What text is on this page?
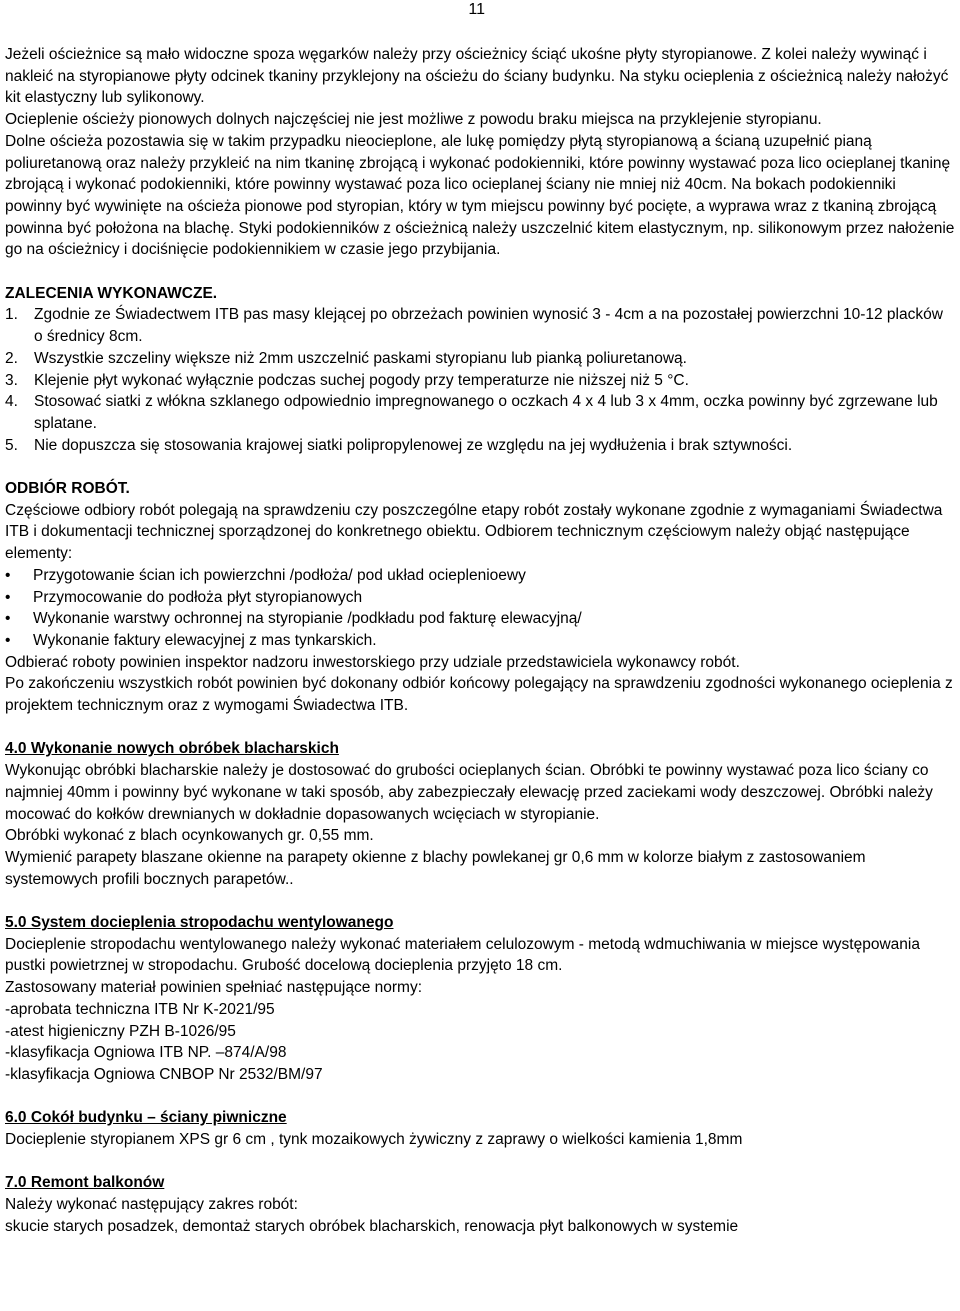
11

Jeżeli ościeżnice są mało widoczne spoza węgarków należy przy ościeżnicy ściąć ukośne płyty styropianowe. Z kolei należy wywinąć i nakleić na styropianowe płyty odcinek tkaniny przyklejony na ościeżu do ściany budynku. Na styku ocieplenia z ościeżnicą należy nałożyć kit elastyczny lub sylikonowy.

Ocieplenie ościeży pionowych dolnych najczęściej nie jest możliwe z powodu braku miejsca na przyklejenie styropianu.

Dolne ościeża pozostawia się w takim przypadku nieocieplone, ale lukę pomiędzy płytą styropianową a ścianą uzupełnić pianą poliuretanową oraz należy przykleić na nim tkaninę zbrojącą i wykonać podokienniki, które powinny wystawać poza lico ocieplanej tkaninę zbrojącą i wykonać podokienniki, które powinny wystawać poza lico ocieplanej ściany nie mniej niż 40cm. Na bokach podokienniki powinny być wywinięte na ościeża pionowe pod styropian, który w tym miejscu powinny być pocięte, a wyprawa wraz z tkaniną zbrojącą powinna być położona na blachę. Styki podokienników z ościeżnicą należy uszczelnić kitem elastycznym, np. silikonowym przez nałożenie go na ościeżnicy i dociśnięcie podokiennikiem w czasie jego przybijania.

ZALECENIA WYKONAWCZE.

1. Zgodnie ze Świadectwem ITB pas masy klejącej po obrzeżach powinien wynosić 3 - 4cm a na pozostałej powierzchni 10-12 placków o średnicy 8cm.
2. Wszystkie szczeliny większe niż 2mm uszczelnić paskami styropianu lub pianką poliuretanową.
3. Klejenie płyt wykonać wyłącznie podczas suchej pogody przy temperaturze nie niższej niż 5 °C.
4. Stosować siatki z włókna szklanego odpowiednio impregnowanego o oczkach 4 x 4 lub 3 x 4mm, oczka powinny być zgrzewane lub splatane.
5. Nie dopuszcza się stosowania krajowej siatki polipropylenowej ze względu na jej wydłużenia i brak sztywności.

ODBIÓR ROBÓT.

Częściowe odbiory robót polegają na sprawdzeniu czy poszczególne etapy robót zostały wykonane zgodnie z wymaganiami Świadectwa ITB i dokumentacji technicznej sporządzonej do konkretnego obiektu. Odbiorem technicznym częściowym należy objąć następujące elementy:

• Przygotowanie ścian ich powierzchni /podłoża/ pod układ ocieplenioewy
• Przymocowanie do podłoża płyt styropianowych
• Wykonanie warstwy ochronnej na styropianie /podkładu pod fakturę elewacyjną/
• Wykonanie faktury elewacyjnej z mas tynkarskich.

Odbierać roboty powinien inspektor nadzoru inwestorskiego przy udziale przedstawiciela wykonawcy robót.

Po zakończeniu wszystkich robót powinien być dokonany odbiór końcowy polegający na sprawdzeniu zgodności wykonanego ocieplenia z projektem technicznym oraz z wymogami Świadectwa ITB.

4.0 Wykonanie nowych obróbek blacharskich

Wykonując obróbki blacharskie należy je dostosować do grubości ocieplanych ścian. Obróbki te powinny wystawać poza lico ściany co najmniej 40mm i powinny być wykonane w taki sposób, aby zabezpieczały elewację przed zaciekami wody deszczowej. Obróbki należy mocować do kołków drewnianych w dokładnie dopasowanych wcięciach w styropianie.

Obróbki wykonać z blach ocynkowanych gr. 0,55 mm.

Wymienić parapety blaszane okienne na parapety okienne z blachy powlekanej gr 0,6 mm w kolorze białym z zastosowaniem systemowych profili bocznych parapetów..

5.0 System docieplenia stropodachu wentylowanego

Docieplenie stropodachu wentylowanego należy wykonać materiałem celulozowym - metodą wdmuchiwania w miejsce występowania pustki powietrznej w stropodachu. Grubość docelową docieplenia przyjęto 18 cm.

Zastosowany materiał powinien spełniać następujące normy:

-aprobata techniczna ITB Nr K-2021/95

-atest higieniczny PZH B-1026/95

-klasyfikacja Ogniowa ITB NP. –874/A/98

-klasyfikacja Ogniowa CNBOP Nr 2532/BM/97

6.0 Cokół budynku – ściany piwniczne

Docieplenie styropianem XPS gr 6 cm , tynk mozaikowych żywiczny z zaprawy o wielkości kamienia 1,8mm

7.0 Remont balkonów

Należy wykonać następujący zakres robót:

skucie starych posadzek, demontaż starych obróbek blacharskich, renowacja płyt balkonowych w systemie
